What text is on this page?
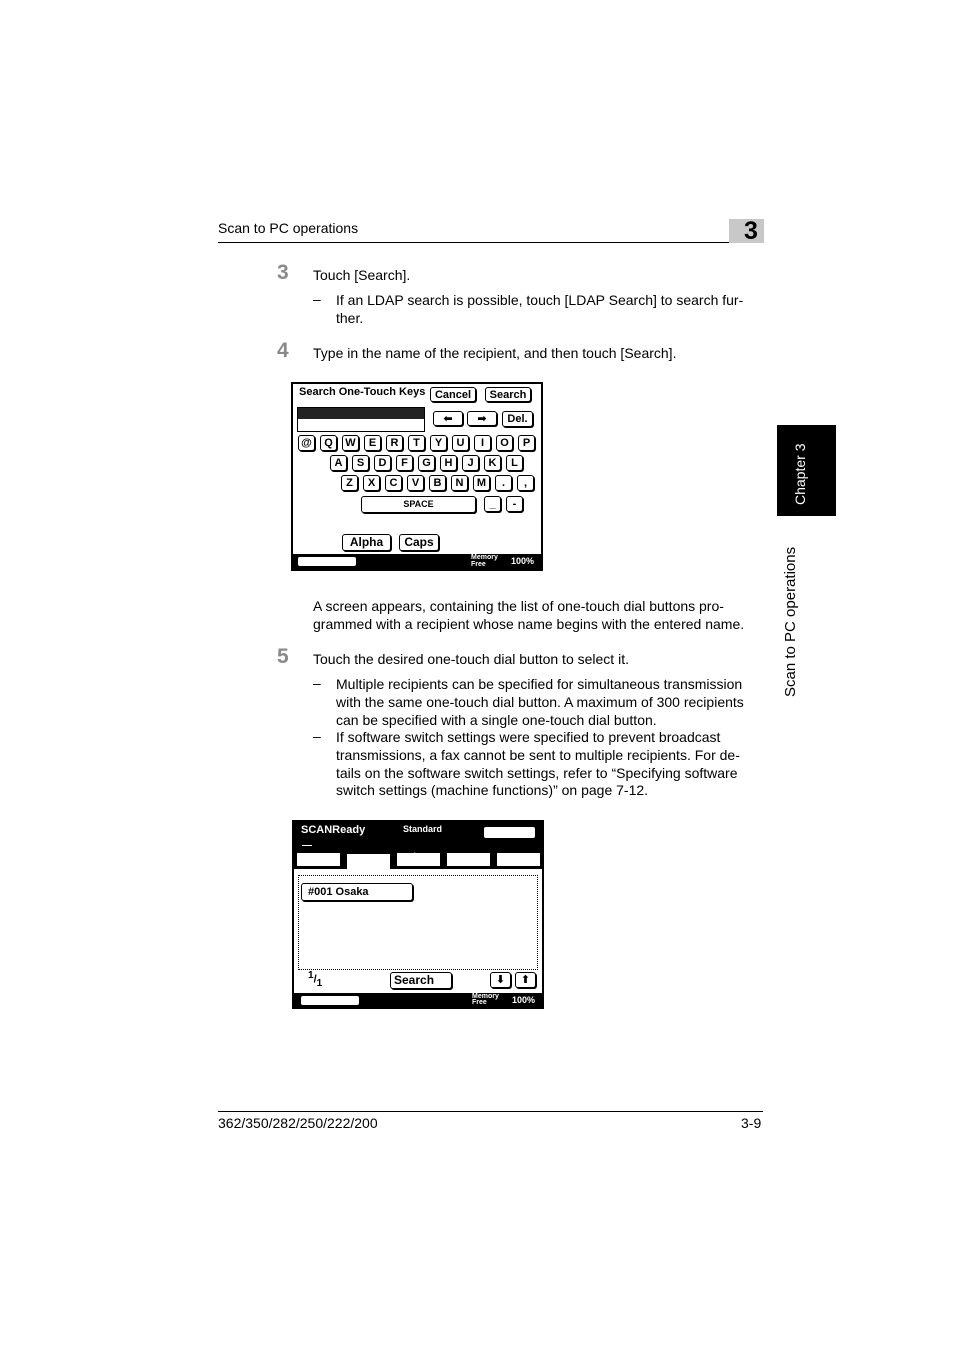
Scan to PC operations	3
Chapter 3
Scan to PC operations
3 Touch [Search].
– If an LDAP search is possible, touch [LDAP Search] to search fur-
ther.
4 Type in the name of the recipient, and then touch [Search].
Search One-Touch Keys Cancel	Search
⬅	➡	Del.
@	Q	W	E	R	T	Y	U	I	O	P
A	S	D	F	G	H	J	K	L
Z	X	C	V	B	N	M	.	,
SPACE	_	-
Alpha	Caps
Job List	Memory
Free	100%
A screen appears, containing the list of one-touch dial buttons pro-
grammed with a recipient whose name begins with the entered name.
5 Touch the desired one-touch dial button to select it.
– Multiple recipients can be specified for simultaneous transmission
with the same one-touch dial button. A maximum of 300 recipients
can be specified with a single one-touch dial button.
– If software switch settings were specified to prevent broadcast
transmissions, a fax cannot be sent to multiple recipients. For de-
tails on the software switch settings, refer to “Specifying software
switch settings (machine functions)” on page 7-12.
SCANReady	Standard	Chain
One-Touch	Search	Direct
Input
Quality&
Reduction	Menu
#001 Osaka
$^1/_1$	Search	⬇	⬆
Job List	Memory
Free	100%
362/350/282/250/222/200	3-9
